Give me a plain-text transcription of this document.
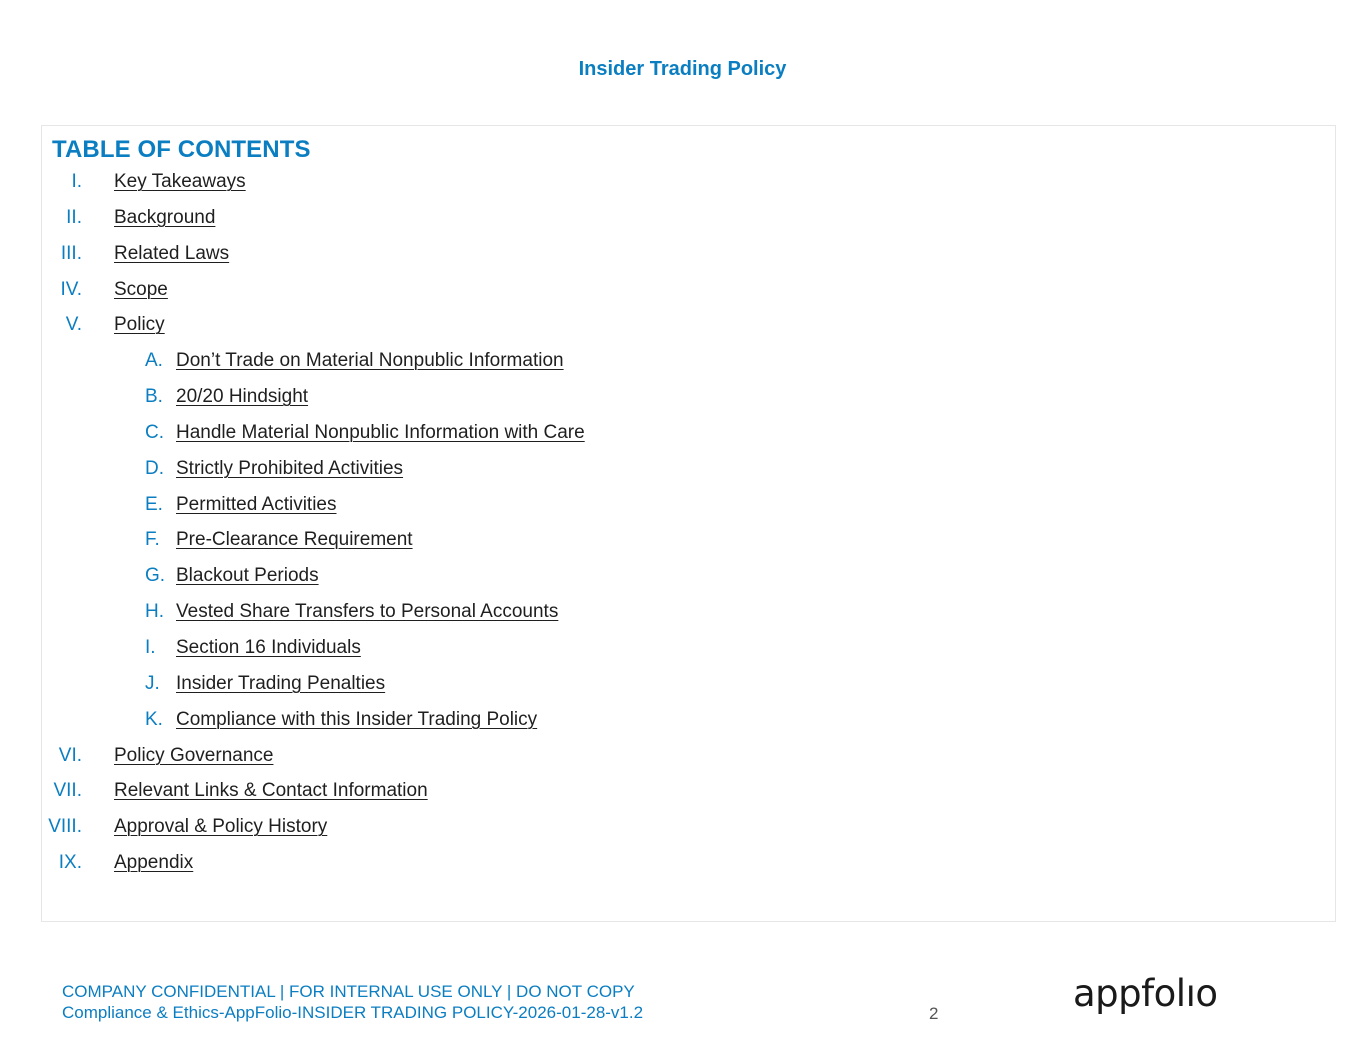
Insider Trading Policy
TABLE OF CONTENTS
I. Key Takeaways
II. Background
III. Related Laws
IV. Scope
V. Policy
A. Don’t Trade on Material Nonpublic Information
B. 20/20 Hindsight
C. Handle Material Nonpublic Information with Care
D. Strictly Prohibited Activities
E. Permitted Activities
F. Pre-Clearance Requirement
G. Blackout Periods
H. Vested Share Transfers to Personal Accounts
I. Section 16 Individuals
J. Insider Trading Penalties
K. Compliance with this Insider Trading Policy
VI. Policy Governance
VII. Relevant Links & Contact Information
VIII. Approval & Policy History
IX. Appendix
COMPANY CONFIDENTIAL | FOR INTERNAL USE ONLY | DO NOT COPY
Compliance & Ethics-AppFolio-INSIDER TRADING POLICY-2026-01-28-v1.2	2	appfolıo
